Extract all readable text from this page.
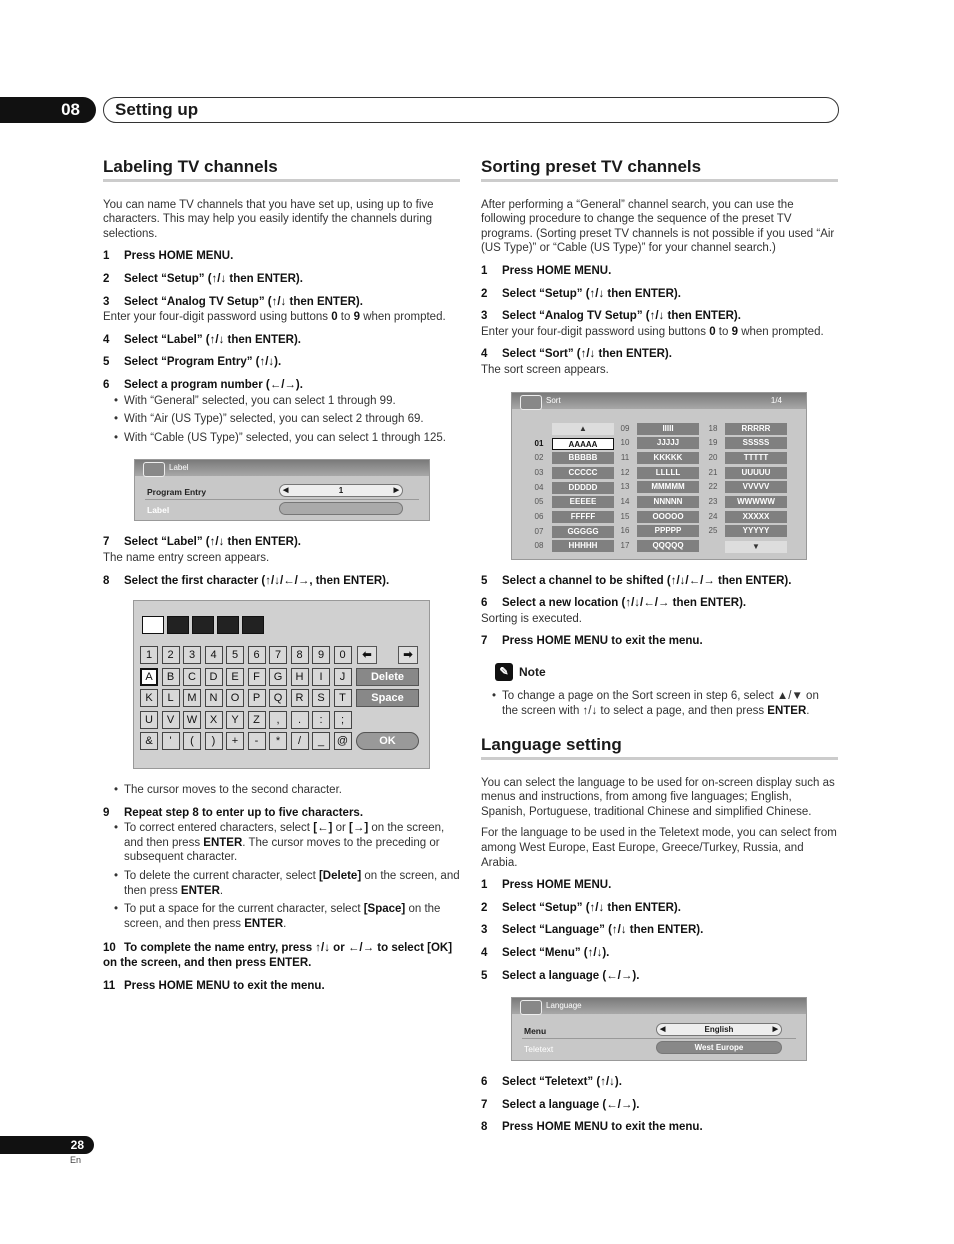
08	Setting up
Labeling TV channels

You can name TV channels that you have set up, using up to five characters. This may help you easily identify the channels during selections.

1 Press HOME MENU.
2 Select “Setup” (↑/↓ then ENTER).
3 Select “Analog TV Setup” (↑/↓ then ENTER).

Enter your four-digit password using buttons 0 to 9 when prompted.

4 Select “Label” (↑/↓ then ENTER).
5 Select “Program Entry” (↑/↓).
6 Select a program number (←/→).
• With “General” selected, you can select 1 through 99.
• With “Air (US Type)” selected, you can select 2 through 69.
• With “Cable (US Type)” selected, you can select 1 through 125.
Label
Program Entry	◀	1	▶
Label
7 Select “Label” (↑/↓ then ENTER).

The name entry screen appears.

8 Select the first character (↑/↓/←/→, then ENTER).
1	2	3	4	5	6	7	8	9	0
A	B	C	D	E	F	G	H	I	J
K	L	M	N	O	P	Q	R	S	T
U	V	W	X	Y	Z	,	.	:	;
&	'	(	)	+	-	*	/	_	@
⬅	➡
Delete
Space
OK
• The cursor moves to the second character.
9 Repeat step 8 to enter up to five characters.
• To correct entered characters, select [←] or [→] on the screen, and then press ENTER. The cursor moves to the preceding or subsequent character.
• To delete the current character, select [Delete] on the screen, and then press ENTER.
• To put a space for the current character, select [Space] on the screen, and then press ENTER.
10 To complete the name entry, press ↑/↓ or ←/→ to select [OK] on the screen, and then press ENTER.
11 Press HOME MENU to exit the menu.
Sorting preset TV channels

After performing a “General” channel search, you can use the following procedure to change the sequence of the preset TV programs. (Sorting preset TV channels is not possible if you used “Air (US Type)” or “Cable (US Type)” for your channel search.)

1 Press HOME MENU.
2 Select “Setup” (↑/↓ then ENTER).
3 Select “Analog TV Setup” (↑/↓ then ENTER).

Enter your four-digit password using buttons 0 to 9 when prompted.

4 Select “Sort” (↑/↓ then ENTER).

The sort screen appears.

Sort	1/4
01	AAAAA
02	BBBBB
03	CCCCC
04	DDDDD
05	EEEEE
06	FFFFF
07	GGGGG
08	HHHHH
09	IIIII
10	JJJJJ
11	KKKKK
12	LLLLL
13	MMMMM
14	NNNNN
15	OOOOO
16	PPPPP
17	QQQQQ
18	RRRRR
19	SSSSS
20	TTTTT
21	UUUUU
22	VVVVV
23	WWWWW
24	XXXXX
25	YYYYY
▲
▼
5 Select a channel to be shifted (↑/↓/←/→ then ENTER).
6 Select a new location (↑/↓/←/→ then ENTER).

Sorting is executed.

7 Press HOME MENU to exit the menu.
✎ Note
• To change a page on the Sort screen in step 6, select ▲/▼ on the screen with ↑/↓ to select a page, and then press ENTER.
Language setting

You can select the language to be used for on-screen display such as menus and instructions, from among five languages; English, Spanish, Portuguese, traditional Chinese and simplified Chinese.

For the language to be used in the Teletext mode, you can select from among West Europe, East Europe, Greece/Turkey, Russia, and Arabia.

1 Press HOME MENU.
2 Select “Setup” (↑/↓ then ENTER).
3 Select “Language” (↑/↓ then ENTER).
4 Select “Menu” (↑/↓).
5 Select a language (←/→).
Language
Menu	◀	English	▶
Teletext	West Europe
6 Select “Teletext” (↑/↓).
7 Select a language (←/→).
8 Press HOME MENU to exit the menu.
28
En
